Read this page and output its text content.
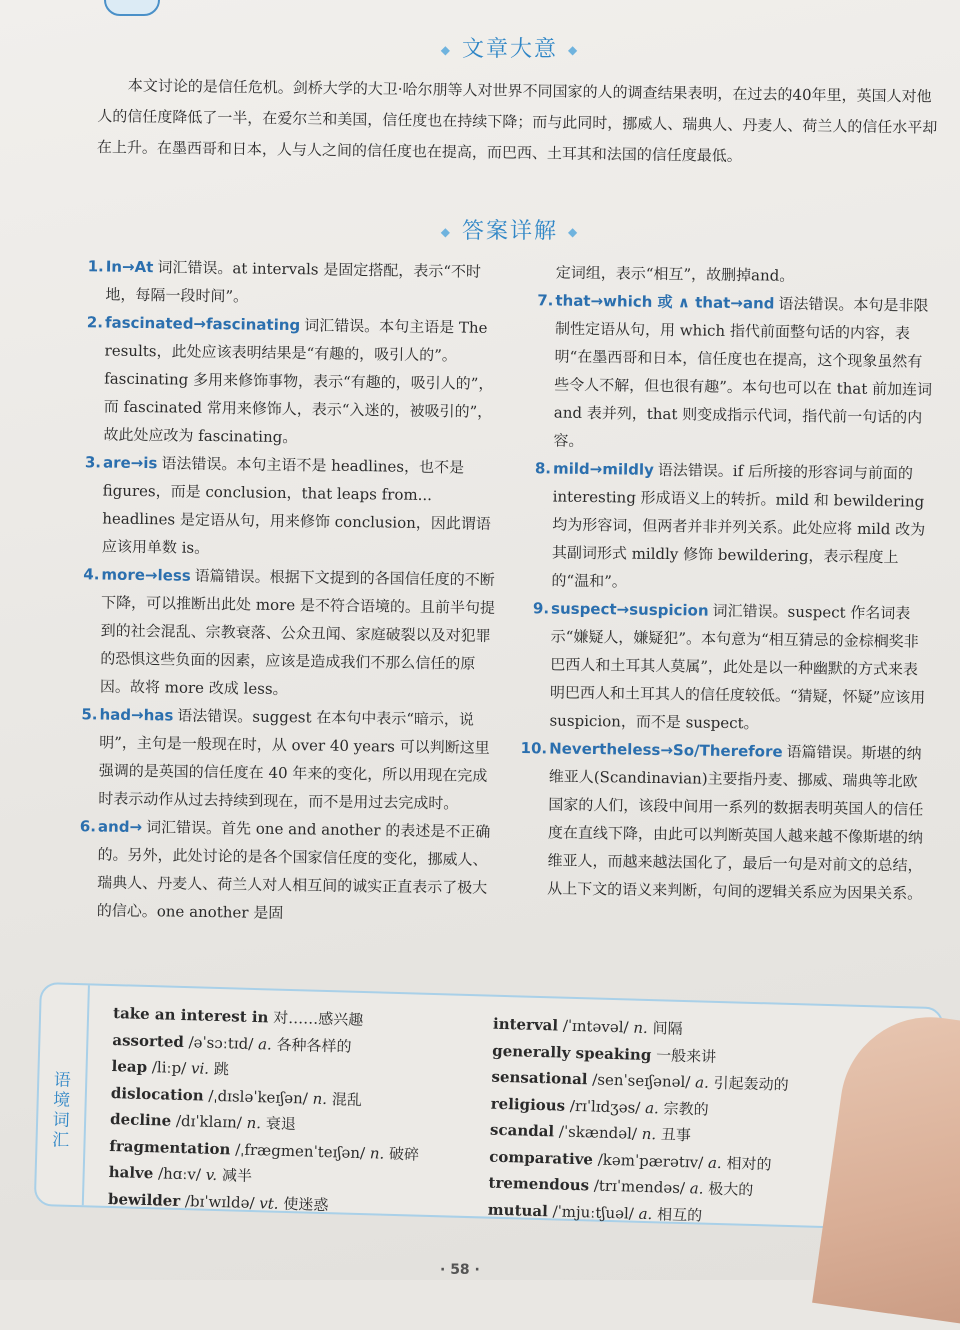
◆ 文章大意 ◆

本文讨论的是信任危机。剑桥大学的大卫·哈尔朋等人对世界不同国家的人的调查结果表明，在过去的40年里，英国人对他人的信任度降低了一半，在爱尔兰和美国，信任度也在持续下降；而与此同时，挪威人、瑞典人、丹麦人、荷兰人的信任水平却在上升。在墨西哥和日本，人与人之间的信任度也在提高，而巴西、土耳其和法国的信任度最低。

◆ 答案详解 ◆
1. In→At 词汇错误。at intervals 是固定搭配，表示“不时地，每隔一段时间”。
2. fascinated→fascinating 词汇错误。本句主语是 The results，此处应该表明结果是“有趣的，吸引人的”。fascinating 多用来修饰事物，表示“有趣的，吸引人的”，而 fascinated 常用来修饰人，表示“入迷的，被吸引的”，故此处应改为 fascinating。
3. are→is 语法错误。本句主语不是 headlines，也不是 figures，而是 conclusion，that leaps from... headlines 是定语从句，用来修饰 conclusion，因此谓语应该用单数 is。
4. more→less 语篇错误。根据下文提到的各国信任度的不断下降，可以推断出此处 more 是不符合语境的。且前半句提到的社会混乱、宗教衰落、公众丑闻、家庭破裂以及对犯罪的恐惧这些负面的因素，应该是造成我们不那么信任的原因。故将 more 改成 less。
5. had→has 语法错误。suggest 在本句中表示“暗示，说明”，主句是一般现在时，从 over 40 years 可以判断这里强调的是英国的信任度在 40 年来的变化，所以用现在完成时表示动作从过去持续到现在，而不是用过去完成时。
6. and→ 词汇错误。首先 one and another 的表述是不正确的。另外，此处讨论的是各个国家信任度的变化，挪威人、瑞典人、丹麦人、荷兰人对人相互间的诚实正直表示了极大的信心。one another 是固
定词组，表示“相互”，故删掉and。
7. that→which 或 ∧ that→and 语法错误。本句是非限制性定语从句，用 which 指代前面整句话的内容，表明“在墨西哥和日本，信任度也在提高，这个现象虽然有些令人不解，但也很有趣”。本句也可以在 that 前加连词 and 表并列，that 则变成指示代词，指代前一句话的内容。
8. mild→mildly 语法错误。if 后所接的形容词与前面的 interesting 形成语义上的转折。mild 和 bewildering 均为形容词，但两者并非并列关系。此处应将 mild 改为其副词形式 mildly 修饰 bewildering，表示程度上的“温和”。
9. suspect→suspicion 词汇错误。suspect 作名词表示“嫌疑人，嫌疑犯”。本句意为“相互猜忌的金棕榈奖非巴西人和土耳其人莫属”，此处是以一种幽默的方式来表明巴西人和土耳其人的信任度较低。“猜疑，怀疑”应该用 suspicion，而不是 suspect。
10. Nevertheless→So/Therefore 语篇错误。斯堪的纳维亚人(Scandinavian)主要指丹麦、挪威、瑞典等北欧国家的人们，该段中间用一系列的数据表明英国人的信任度在直线下降，由此可以判断英国人越来越不像斯堪的纳维亚人，而越来越法国化了，最后一句是对前文的总结，从上下文的语义来判断，句间的逻辑关系应为因果关系。
语境词汇
take an interest in 对……感兴趣
assorted /əˈsɔːtɪd/ a. 各种各样的
leap /liːp/ vi. 跳
dislocation /ˌdɪsləˈkeɪʃən/ n. 混乱
decline /dɪˈklaɪn/ n. 衰退
fragmentation /ˌfrægmenˈteɪʃən/ n. 破碎
halve /hɑːv/ v. 减半
bewilder /bɪˈwɪldə/ vt. 使迷惑
interval /ˈɪntəvəl/ n. 间隔
generally speaking 一般来讲
sensational /senˈseɪʃənəl/ a. 引起轰动的
religious /rɪˈlɪdʒəs/ a. 宗教的
scandal /ˈskændəl/ n. 丑事
comparative /kəmˈpærətɪv/ a. 相对的
tremendous /trɪˈmendəs/ a. 极大的
mutual /ˈmjuːtʃuəl/ a. 相互的
· 58 ·
